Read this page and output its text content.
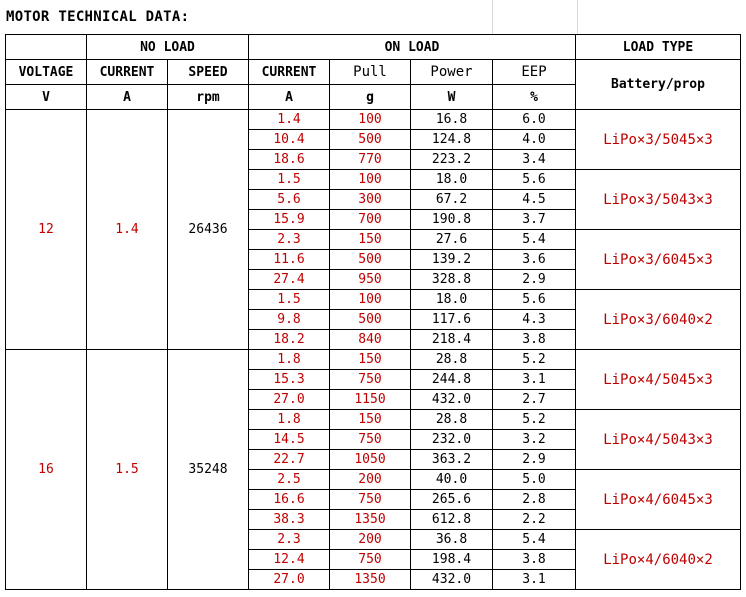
MOTOR TECHNICAL DATA:
	NO LOAD		ON LOAD				LOAD TYPE
VOLTAGE	CURRENT	SPEED	CURRENT	Pull	Power	EEP	Battery/prop
V	A	rpm	A	g	W	%	
12	1.4	26436	1.4	100	16.8	6.0	LiPo×3/5045×3
			10.4	500	124.8	4.0	
			18.6	770	223.2	3.4	
			1.5	100	18.0	5.6	LiPo×3/5043×3
			5.6	300	67.2	4.5	
			15.9	700	190.8	3.7	
			2.3	150	27.6	5.4	LiPo×3/6045×3
			11.6	500	139.2	3.6	
			27.4	950	328.8	2.9	
			1.5	100	18.0	5.6	LiPo×3/6040×2
			9.8	500	117.6	4.3	
			18.2	840	218.4	3.8	
16	1.5	35248	1.8	150	28.8	5.2	LiPo×4/5045×3
			15.3	750	244.8	3.1	
			27.0	1150	432.0	2.7	
			1.8	150	28.8	5.2	LiPo×4/5043×3
			14.5	750	232.0	3.2	
			22.7	1050	363.2	2.9	
			2.5	200	40.0	5.0	LiPo×4/6045×3
			16.6	750	265.6	2.8	
			38.3	1350	612.8	2.2	
			2.3	200	36.8	5.4	LiPo×4/6040×2
			12.4	750	198.4	3.8	
			27.0	1350	432.0	3.1	
